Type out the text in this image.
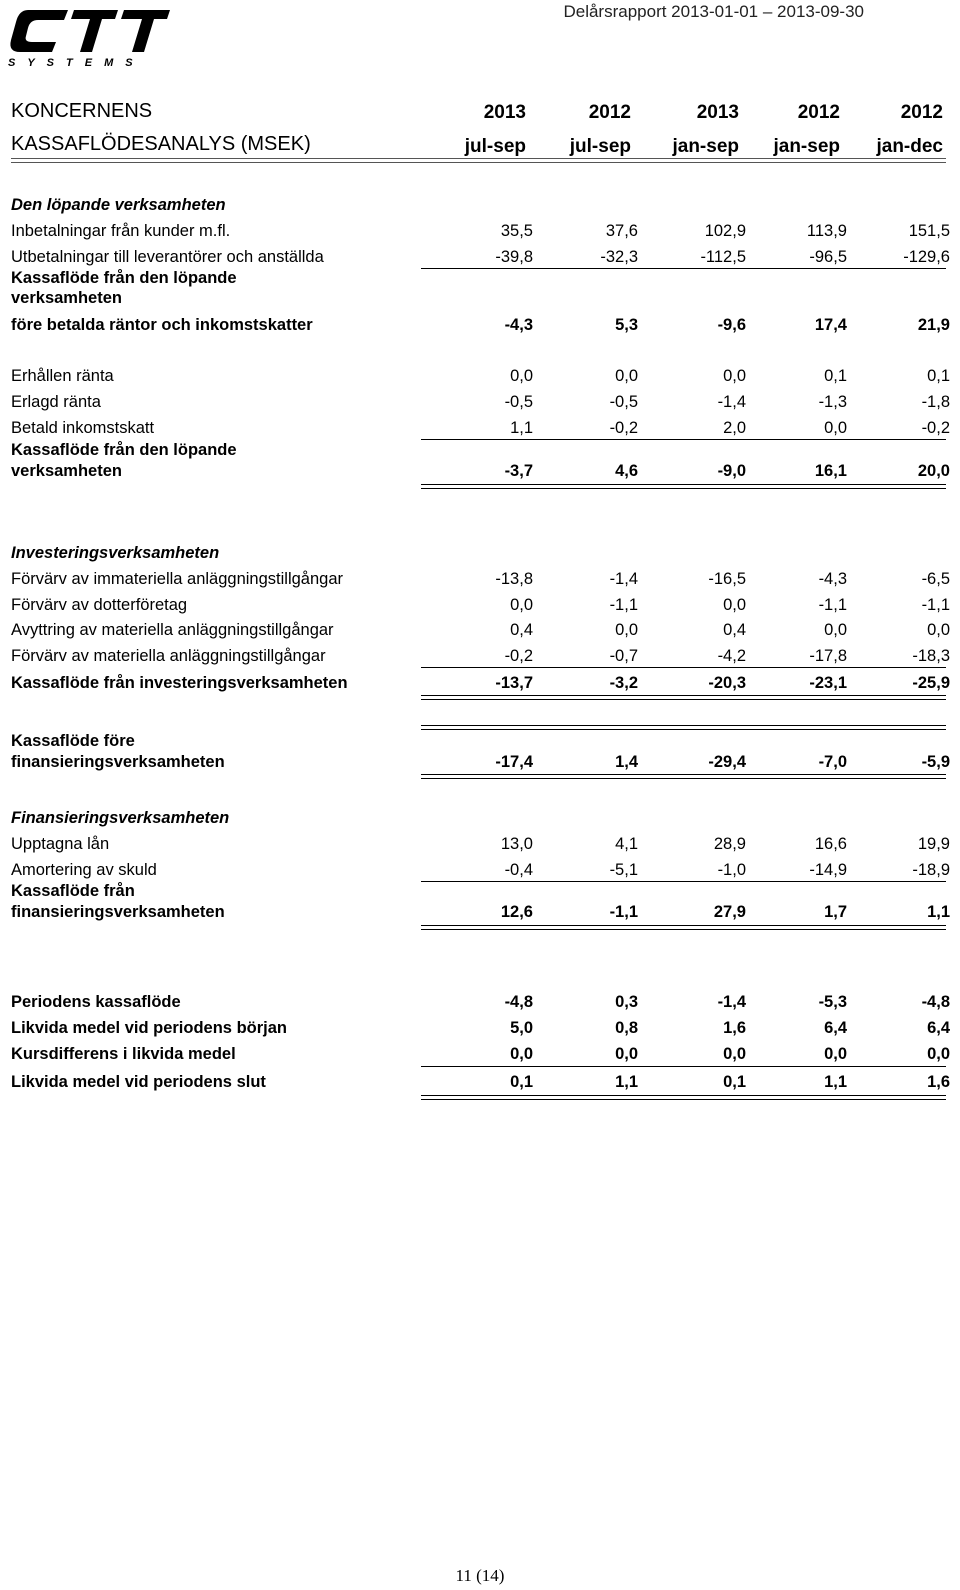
SYSTEMS
Delårsrapport 2013-01-01 – 2013-09-30
KONCERNENS
KASSAFLÖDESANALYS (MSEK)
2013	2012	2013	2012	2012
jul-sep	jul-sep	jan-sep	jan-sep	jan-dec
Den löpande verksamheten
Inbetalningar från kunder m.fl.	35,5	37,6	102,9	113,9	151,5
Utbetalningar till leverantörer och anställda	-39,8	-32,3	-112,5	-96,5	-129,6
Kassaflöde från den löpande
verksamheten
före betalda räntor och inkomstskatter	-4,3	5,3	-9,6	17,4	21,9
Erhållen ränta	0,0	0,0	0,0	0,1	0,1
Erlagd ränta	-0,5	-0,5	-1,4	-1,3	-1,8
Betald inkomstskatt	1,1	-0,2	2,0	0,0	-0,2
Kassaflöde från den löpande
verksamheten	-3,7	4,6	-9,0	16,1	20,0
Investeringsverksamheten
Förvärv av immateriella anläggningstillgångar	-13,8	-1,4	-16,5	-4,3	-6,5
Förvärv av dotterföretag	0,0	-1,1	0,0	-1,1	-1,1
Avyttring av materiella anläggningstillgångar	0,4	0,0	0,4	0,0	0,0
Förvärv av materiella anläggningstillgångar	-0,2	-0,7	-4,2	-17,8	-18,3
Kassaflöde från investeringsverksamheten	-13,7	-3,2	-20,3	-23,1	-25,9
Kassaflöde före
finansieringsverksamheten	-17,4	1,4	-29,4	-7,0	-5,9
Finansieringsverksamheten
Upptagna lån	13,0	4,1	28,9	16,6	19,9
Amortering av skuld	-0,4	-5,1	-1,0	-14,9	-18,9
Kassaflöde från
finansieringsverksamheten	12,6	-1,1	27,9	1,7	1,1
Periodens kassaflöde	-4,8	0,3	-1,4	-5,3	-4,8
Likvida medel vid periodens början	5,0	0,8	1,6	6,4	6,4
Kursdifferens i likvida medel	0,0	0,0	0,0	0,0	0,0
Likvida medel vid periodens slut	0,1	1,1	0,1	1,1	1,6
11 (14)
